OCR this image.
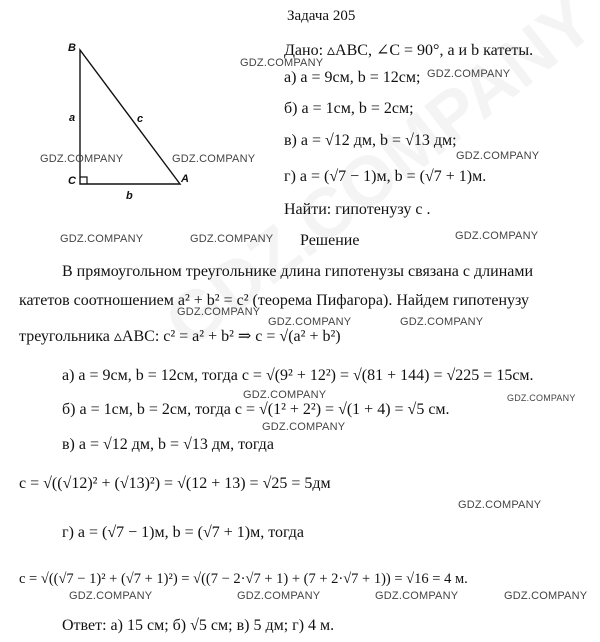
B
C	A
a
b
c
Задача 205
Дано: ▵ABC, ∠C = 90°, a и b катеты.
а) a = 9см, b = 12см;
б) a = 1см, b = 2см;
в) a = √12 дм, b = √13 дм;
г) a = (√7 − 1)м, b = (√7 + 1)м.
Найти: гипотенузу c .
Решение
В прямоугольном треугольнике длина гипотенузы связана с длинами
катетов соотношением a² + b² = c² (теорема Пифагора). Найдем гипотенузу
треугольника ▵ABC: c² = a² + b² ⇒ c = √(a² + b²)
а) a = 9см, b = 12см, тогда c = √(9² + 12²) = √(81 + 144) = √225 = 15см.
б) a = 1см, b = 2см, тогда c = √(1² + 2²) = √(1 + 4) = √5 см.
в) a = √12 дм, b = √13 дм, тогда
c = √((√12)² + (√13)²) = √(12 + 13) = √25 = 5дм
г) a = (√7 − 1)м, b = (√7 + 1)м, тогда
c = √((√7 − 1)² + (√7 + 1)²) = √((7 − 2·√7 + 1) + (7 + 2·√7 + 1)) = √16 = 4 м.
Ответ: а) 15 см; б) √5 см; в) 5 дм; г) 4 м.
GDZ.COMPANY
GDZ.COMPANY
GDZ.COMPANY	GDZ.COMPANY	GDZ.COMPANY
GDZ.COMPANY	GDZ.COMPANY	GDZ.COMPANY
GDZ.COMPANY
GDZ.COMPANY	GDZ.COMPANY
GDZ.COMPANY	GDZ.COMPANY
GDZ.COMPANY
GDZ.COMPANY
GDZ.COMPANY	GDZ.COMPANY	GDZ.COMPANY	GDZ.COMPANY
